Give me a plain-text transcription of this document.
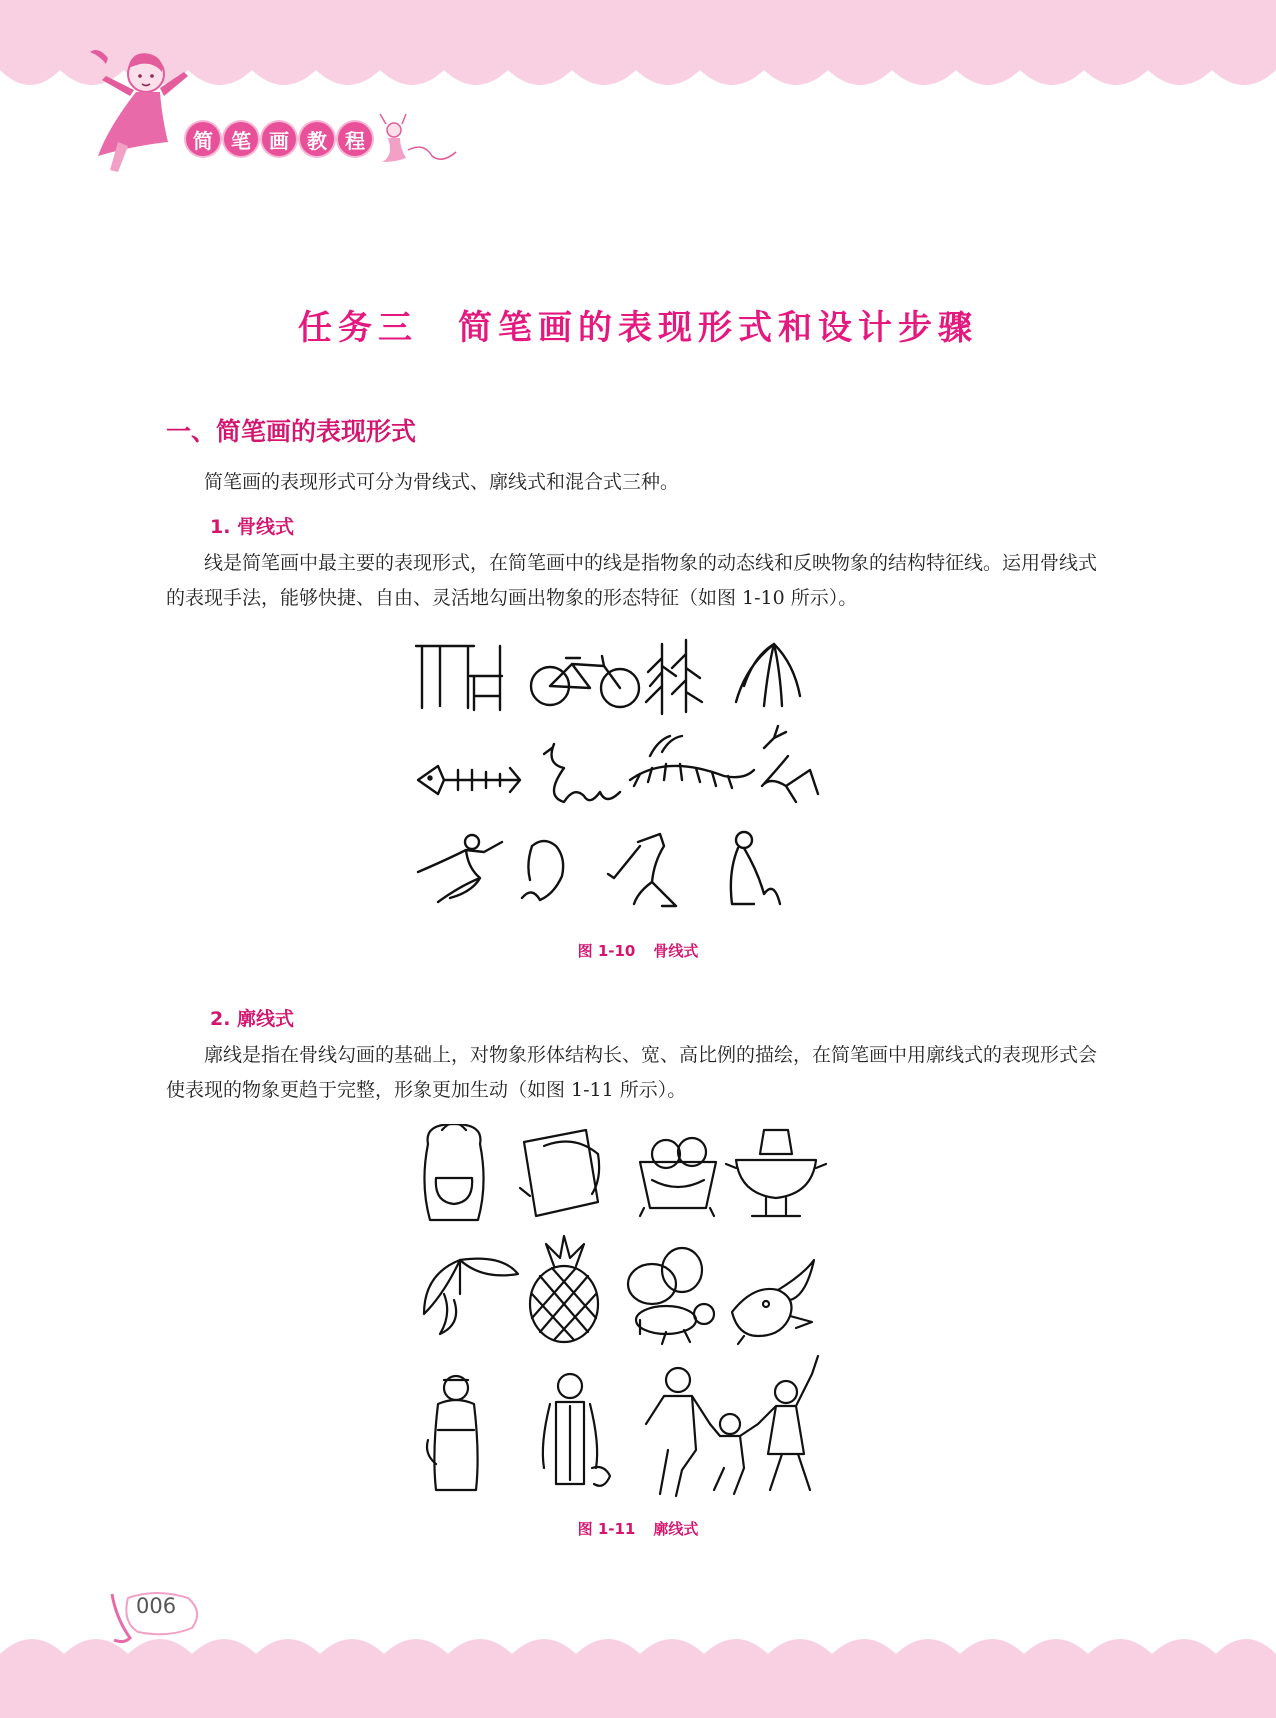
简 笔 画 教 程
任务三　简笔画的表现形式和设计步骤
一、简笔画的表现形式

简笔画的表现形式可分为骨线式、廓线式和混合式三种。

1. 骨线式

线是简笔画中最主要的表现形式，在简笔画中的线是指物象的动态线和反映物象的结构特征线。运用骨线式的表现手法，能够快捷、自由、灵活地勾画出物象的形态特征（如图 1-10 所示）。

图 1-10 骨线式
2. 廓线式

廓线是指在骨线勾画的基础上，对物象形体结构长、宽、高比例的描绘，在简笔画中用廓线式的表现形式会使表现的物象更趋于完整，形象更加生动（如图 1-11 所示）。

图 1-11 廓线式
006
